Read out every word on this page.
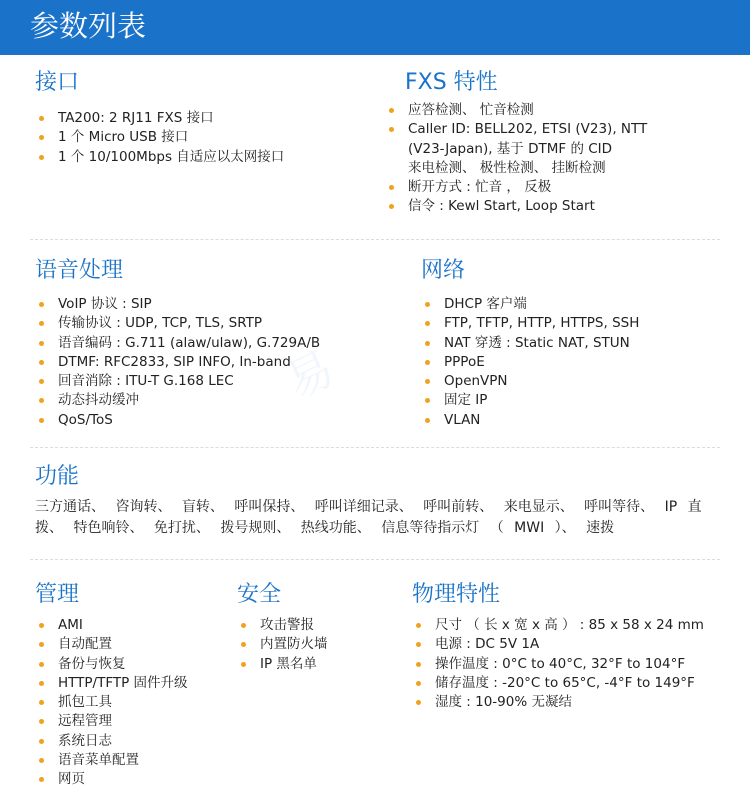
参数列表
易
接口
TA200: 2 RJ11 FXS 接口
1 个 Micro USB 接口
1 个 10/100Mbps 自适应以太网接口
FXS 特性
应答检测、 忙音检测
Caller ID: BELL202, ETSI (V23), NTT
(V23-Japan), 基于 DTMF 的 CID
来电检测、 极性检测、 挂断检测
断开方式 : 忙音 ， 反极
信令 : Kewl Start, Loop Start
语音处理
VoIP 协议 : SIP
传输协议 : UDP, TCP, TLS, SRTP
语音编码 : G.711 (alaw/ulaw), G.729A/B
DTMF: RFC2833, SIP INFO, In-band
回音消除 : ITU-T G.168 LEC
动态抖动缓冲
QoS/ToS
网络
DHCP 客户端
FTP, TFTP, HTTP, HTTPS, SSH
NAT 穿透 : Static NAT, STUN
PPPoE
OpenVPN
固定 IP
VLAN
功能

三方通话、 咨询转、 盲转、 呼叫保持、 呼叫详细记录、 呼叫前转、 来电显示、 呼叫等待、 IP 直拨、 特色响铃、 免打扰、 拨号规则、 热线功能、 信息等待指示灯 （ MWI ）、 速拨

管理
AMI
自动配置
备份与恢复
HTTP/TFTP 固件升级
抓包工具
远程管理
系统日志
语音菜单配置
网页
安全
攻击警报
内置防火墙
IP 黑名单
物理特性
尺寸 （ 长 x 宽 x 高 ） : 85 x 58 x 24 mm
电源 : DC 5V 1A
操作温度 : 0°C to 40°C, 32°F to 104°F
储存温度 : -20°C to 65°C, -4°F to 149°F
湿度 : 10-90% 无凝结
